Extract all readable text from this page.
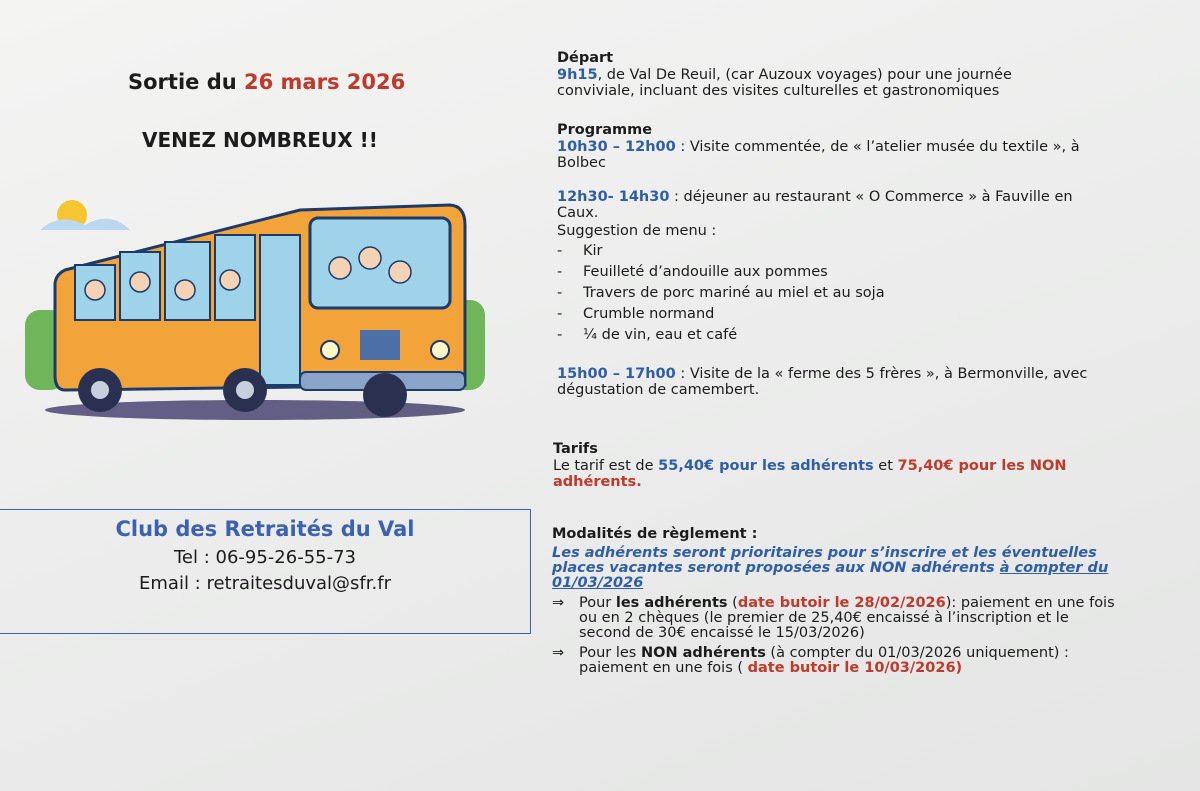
Sortie du 26 mars 2026
VENEZ NOMBREUX !!
Club des Retraités du Val
Tel : 06-95-26-55-73
Email : retraitesduval@sfr.fr
Départ
9h15, de Val De Reuil, (car Auzoux voyages) pour une journée conviviale, incluant des visites culturelles et gastronomiques
Programme
10h30 – 12h00 : Visite commentée, de « l’atelier musée du textile », à Bolbec
12h30- 14h30 : déjeuner au restaurant « O Commerce » à Fauville en Caux.
Suggestion de menu :
- Kir
- Feuilleté d’andouille aux pommes
- Travers de porc mariné au miel et au soja
- Crumble normand
- ¼ de vin, eau et café
15h00 – 17h00 : Visite de la « ferme des 5 frères », à Bermonville, avec dégustation de camembert.
Tarifs
Le tarif est de 55,40€ pour les adhérents et 75,40€ pour les NON adhérents.
Modalités de règlement :
Les adhérents seront prioritaires pour s’inscrire et les éventuelles places vacantes seront proposées aux NON adhérents à compter du 01/03/2026
⇒	Pour les adhérents (date butoir le 28/02/2026): paiement en une fois ou en 2 chèques (le premier de 25,40€ encaissé à l’inscription et le second de 30€ encaissé le 15/03/2026)
⇒	Pour les NON adhérents (à compter du 01/03/2026 uniquement) : paiement en une fois ( date butoir le 10/03/2026)
